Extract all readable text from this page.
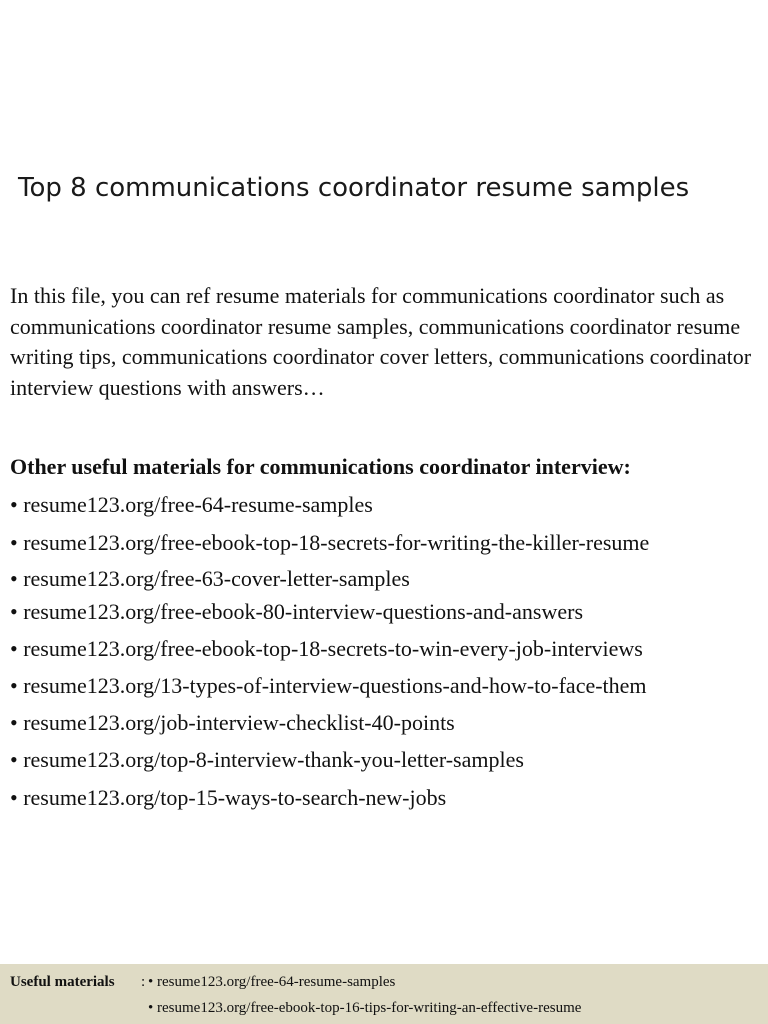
Top 8 communications coordinator resume samples
In this file, you can ref resume materials for communications coordinator such as communications coordinator resume samples, communications coordinator resume writing tips, communications coordinator cover letters, communications coordinator interview questions with answers…
Other useful materials for communications coordinator interview:
• resume123.org/free-64-resume-samples
• resume123.org/free-ebook-top-18-secrets-for-writing-the-killer-resume
• resume123.org/free-63-cover-letter-samples
• resume123.org/free-ebook-80-interview-questions-and-answers
• resume123.org/free-ebook-top-18-secrets-to-win-every-job-interviews
• resume123.org/13-types-of-interview-questions-and-how-to-face-them
• resume123.org/job-interview-checklist-40-points
• resume123.org/top-8-interview-thank-you-letter-samples
• resume123.org/top-15-ways-to-search-new-jobs
Useful materials : • resume123.org/free-64-resume-samples
• resume123.org/free-ebook-top-16-tips-for-writing-an-effective-resume
